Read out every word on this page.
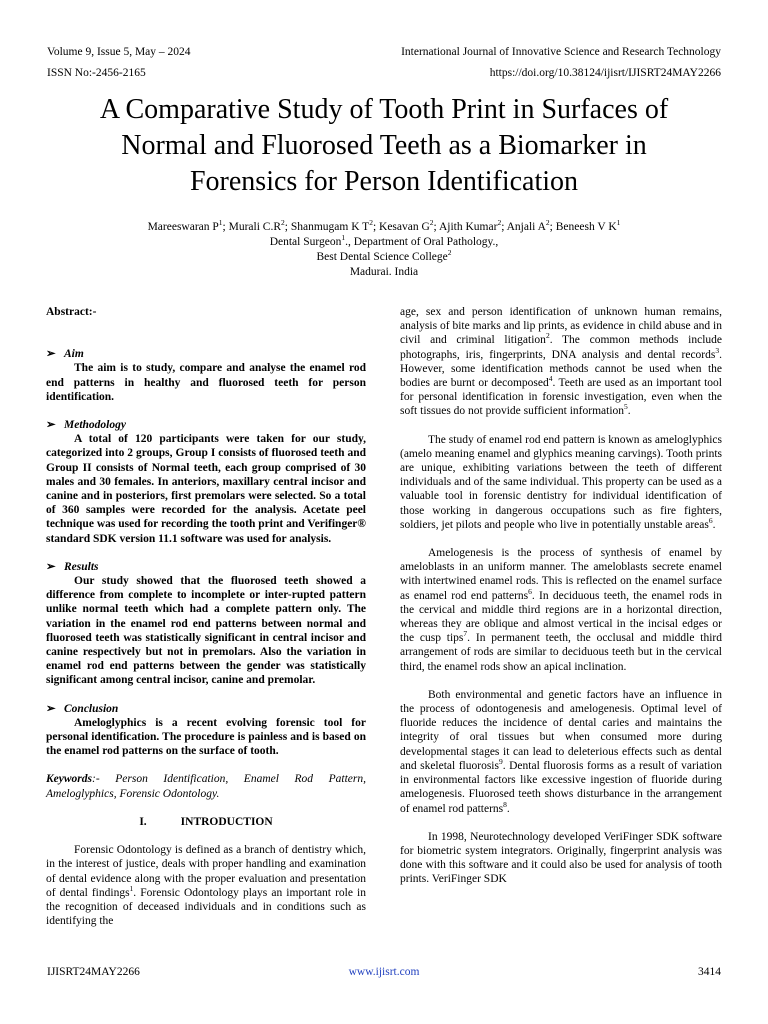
Volume 9, Issue 5, May – 2024	International Journal of Innovative Science and Research Technology
ISSN No:-2456-2165	https://doi.org/10.38124/ijisrt/IJISRT24MAY2266
A Comparative Study of Tooth Print in Surfaces of
Normal and Fluorosed Teeth as a Biomarker in
Forensics for Person Identification
Mareeswaran $P^1$; Murali $C.R^2$; Shanmugam K $T^2$; Kesavan $G^2$; Ajith Kumar$^2$; Anjali $A^2$; Beneesh V $K^1$
Dental Surgeon$^1$., Department of Oral Pathology.,
Best Dental Science College$^2$
Madurai. India

Abstract:-

➢ Aim

The aim is to study, compare and analyse the enamel rod end patterns in healthy and fluorosed teeth for person identification.

➢ Methodology

A total of 120 participants were taken for our study, categorized into 2 groups, Group I consists of fluorosed teeth and Group II consists of Normal teeth, each group comprised of 30 males and 30 females. In anteriors, maxillary central incisor and canine and in posteriors, first premolars were selected. So a total of 360 samples were recorded for the analysis. Acetate peel technique was used for recording the tooth print and Verifinger® standard SDK version 11.1 software was used for analysis.

➢ Results

Our study showed that the fluorosed teeth showed a difference from complete to incomplete or inter-rupted pattern unlike normal teeth which had a complete pattern only. The variation in the enamel rod end patterns between normal and fluorosed teeth was statistically significant in central incisor and canine respectively but not in premolars. Also the variation in enamel rod end patterns between the gender was statistically significant among central incisor, canine and premolar.

➢ Conclusion

Ameloglyphics is a recent evolving forensic tool for personal identification. The procedure is painless and is based on the enamel rod patterns on the surface of tooth.

Keywords:- Person Identification, Enamel Rod Pattern, Ameloglyphics, Forensic Odontology.

I.	INTRODUCTION

Forensic Odontology is defined as a branch of dentistry which, in the interest of justice, deals with proper handling and examination of dental evidence along with the proper evaluation and presentation of dental findings$^1$. Forensic Odontology plays an important role in the recognition of deceased individuals and in conditions such as identifying the

age, sex and person identification of unknown human remains, analysis of bite marks and lip prints, as evidence in child abuse and in civil and criminal litigation$^2$. The common methods include photographs, iris, fingerprints, DNA analysis and dental records$^3$. However, some identification methods cannot be used when the bodies are burnt or decomposed$^4$. Teeth are used as an important tool for personal identification in forensic investigation, even when the soft tissues do not provide sufficient information$^5$.

The study of enamel rod end pattern is known as ameloglyphics (amelo meaning enamel and glyphics meaning carvings). Tooth prints are unique, exhibiting variations between the teeth of different individuals and of the same individual. This property can be used as a valuable tool in forensic dentistry for individual identification of those working in dangerous occupations such as fire fighters, soldiers, jet pilots and people who live in potentially unstable areas$^6$.

Amelogenesis is the process of synthesis of enamel by ameloblasts in an uniform manner. The ameloblasts secrete enamel with intertwined enamel rods. This is reflected on the enamel surface as enamel rod end patterns$^6$. In deciduous teeth, the enamel rods in the cervical and middle third regions are in a horizontal direction, whereas they are oblique and almost vertical in the incisal edges or the cusp tips$^7$. In permanent teeth, the occlusal and middle third arrangement of rods are similar to deciduous teeth but in the cervical third, the enamel rods show an apical inclination.

Both environmental and genetic factors have an influence in the process of odontogenesis and amelogenesis. Optimal level of fluoride reduces the incidence of dental caries and maintains the integrity of oral tissues but when consumed more during developmental stages it can lead to deleterious effects such as dental and skeletal fluorosis$^9$. Dental fluorosis forms as a result of variation in environmental factors like excessive ingestion of fluoride during amelogenesis. Fluorosed teeth shows disturbance in the arrangement of enamel rod patterns$^8$.

In 1998, Neurotechnology developed VeriFinger SDK software for biometric system integrators. Originally, fingerprint analysis was done with this software and it could also be used for analysis of tooth prints. VeriFinger SDK

IJISRT24MAY2266	www.ijisrt.com	3414
